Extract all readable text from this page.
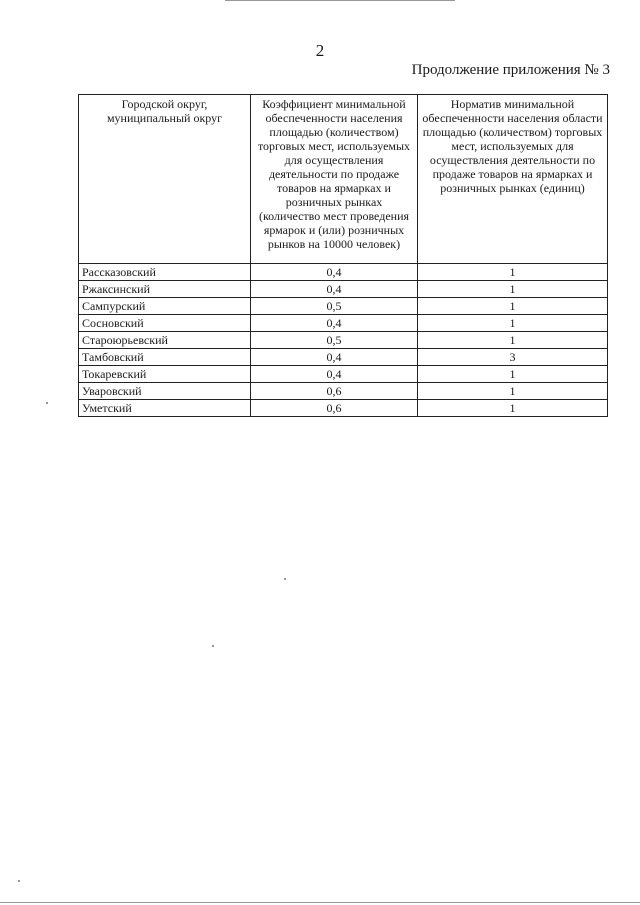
2
Продолжение приложения № 3
Городской округ, муниципальный округ	Коэффициент минимальной обеспеченности населения площадью (количеством) торговых мест, используемых для осуществления деятельности по продаже товаров на ярмарках и розничных рынках (количество мест проведения ярмарок и (или) розничных рынков на 10000 человек)	Норматив минимальной обеспеченности населения области площадью (количеством) торговых мест, используемых для осуществления деятельности по продаже товаров на ярмарках и розничных рынках (единиц)
Рассказовский	0,4	1
Ржаксинский	0,4	1
Сампурский	0,5	1
Сосновский	0,4	1
Староюрьевский	0,5	1
Тамбовский	0,4	3
Токаревский	0,4	1
Уваровский	0,6	1
Уметский	0,6	1
